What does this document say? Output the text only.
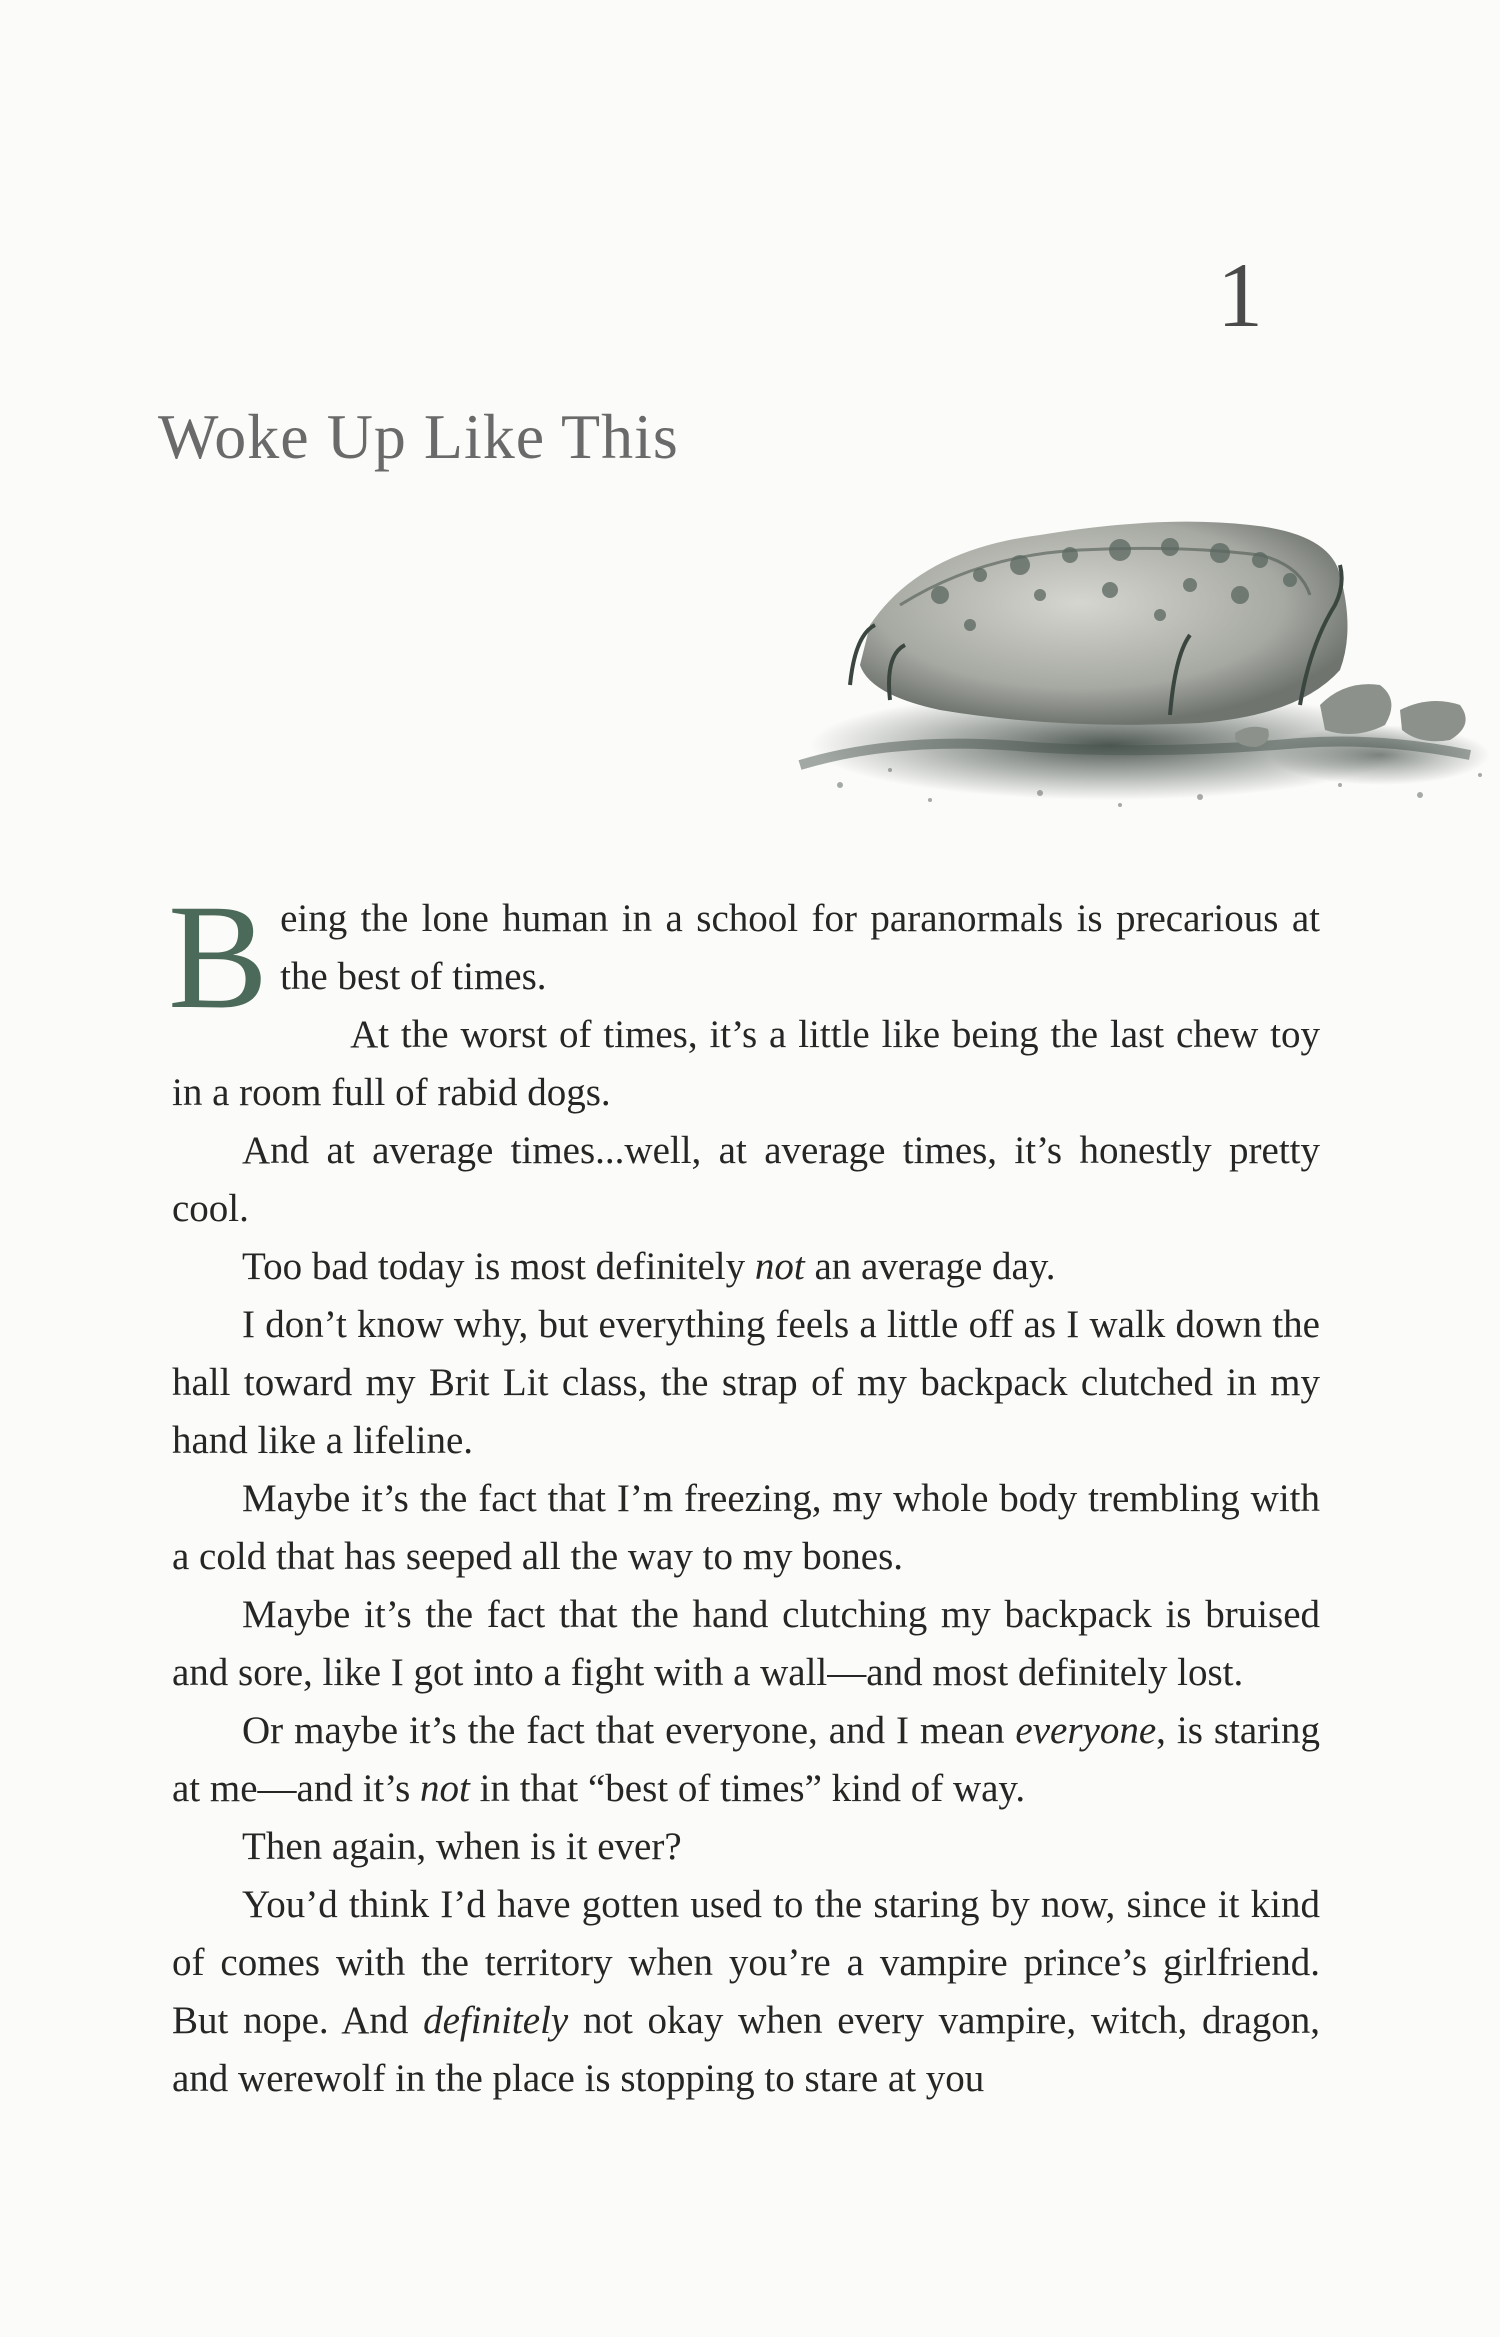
1
Woke Up Like This

Being the lone human in a school for paranormals is precarious at the best of times.

At the worst of times, it’s a little like being the last chew toy in a room full of rabid dogs.

And at average times...well, at average times, it’s honestly pretty cool.

Too bad today is most definitely not an average day.

I don’t know why, but everything feels a little off as I walk down the hall toward my Brit Lit class, the strap of my backpack clutched in my hand like a lifeline.

Maybe it’s the fact that I’m freezing, my whole body trembling with a cold that has seeped all the way to my bones.

Maybe it’s the fact that the hand clutching my backpack is bruised and sore, like I got into a fight with a wall—and most definitely lost.

Or maybe it’s the fact that everyone, and I mean everyone, is staring at me—and it’s not in that “best of times” kind of way.

Then again, when is it ever?

You’d think I’d have gotten used to the staring by now, since it kind of comes with the territory when you’re a vampire prince’s girlfriend. But nope. And definitely not okay when every vampire, witch, dragon, and werewolf in the place is stopping to stare at you
